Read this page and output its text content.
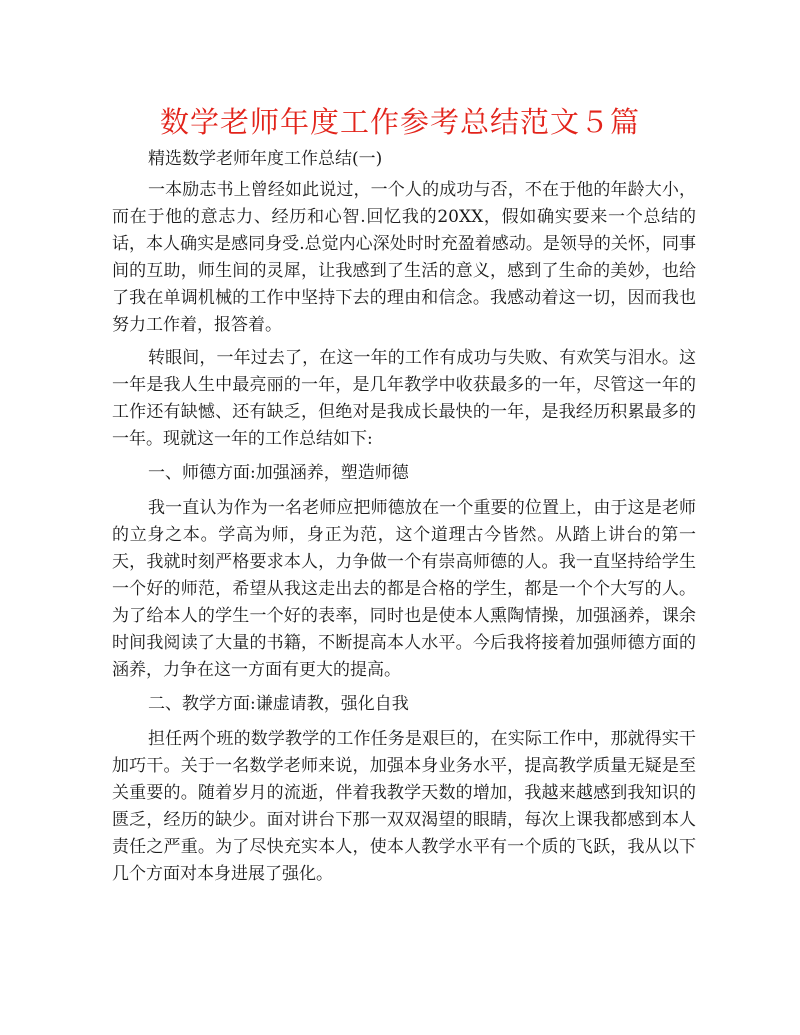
数学老师年度工作参考总结范文５篇

精选数学老师年度工作总结(一)

一本励志书上曾经如此说过，一个人的成功与否，不在于他的年龄大小，而在于他的意志力、经历和心智.回忆我的20XX，假如确实要来一个总结的话，本人确实是感同身受.总觉内心深处时时充盈着感动。是领导的关怀，同事间的互助，师生间的灵犀，让我感到了生活的意义，感到了生命的美妙，也给了我在单调机械的工作中坚持下去的理由和信念。我感动着这一切，因而我也努力工作着，报答着。

转眼间，一年过去了，在这一年的工作有成功与失败、有欢笑与泪水。这一年是我人生中最亮丽的一年，是几年教学中收获最多的一年，尽管这一年的工作还有缺憾、还有缺乏，但绝对是我成长最快的一年，是我经历积累最多的一年。现就这一年的工作总结如下:

一、师德方面:加强涵养，塑造师德

我一直认为作为一名老师应把师德放在一个重要的位置上，由于这是老师的立身之本。学高为师，身正为范，这个道理古今皆然。从踏上讲台的第一天，我就时刻严格要求本人，力争做一个有崇高师德的人。我一直坚持给学生一个好的师范，希望从我这走出去的都是合格的学生，都是一个个大写的人。为了给本人的学生一个好的表率，同时也是使本人熏陶情操，加强涵养，课余时间我阅读了大量的书籍，不断提高本人水平。今后我将接着加强师德方面的涵养，力争在这一方面有更大的提高。

二、教学方面:谦虚请教，强化自我

担任两个班的数学教学的工作任务是艰巨的，在实际工作中，那就得实干加巧干。关于一名数学老师来说，加强本身业务水平，提高教学质量无疑是至关重要的。随着岁月的流逝，伴着我教学天数的增加，我越来越感到我知识的匮乏，经历的缺少。面对讲台下那一双双渴望的眼睛，每次上课我都感到本人责任之严重。为了尽快充实本人，使本人教学水平有一个质的飞跃，我从以下几个方面对本身进展了强化。
